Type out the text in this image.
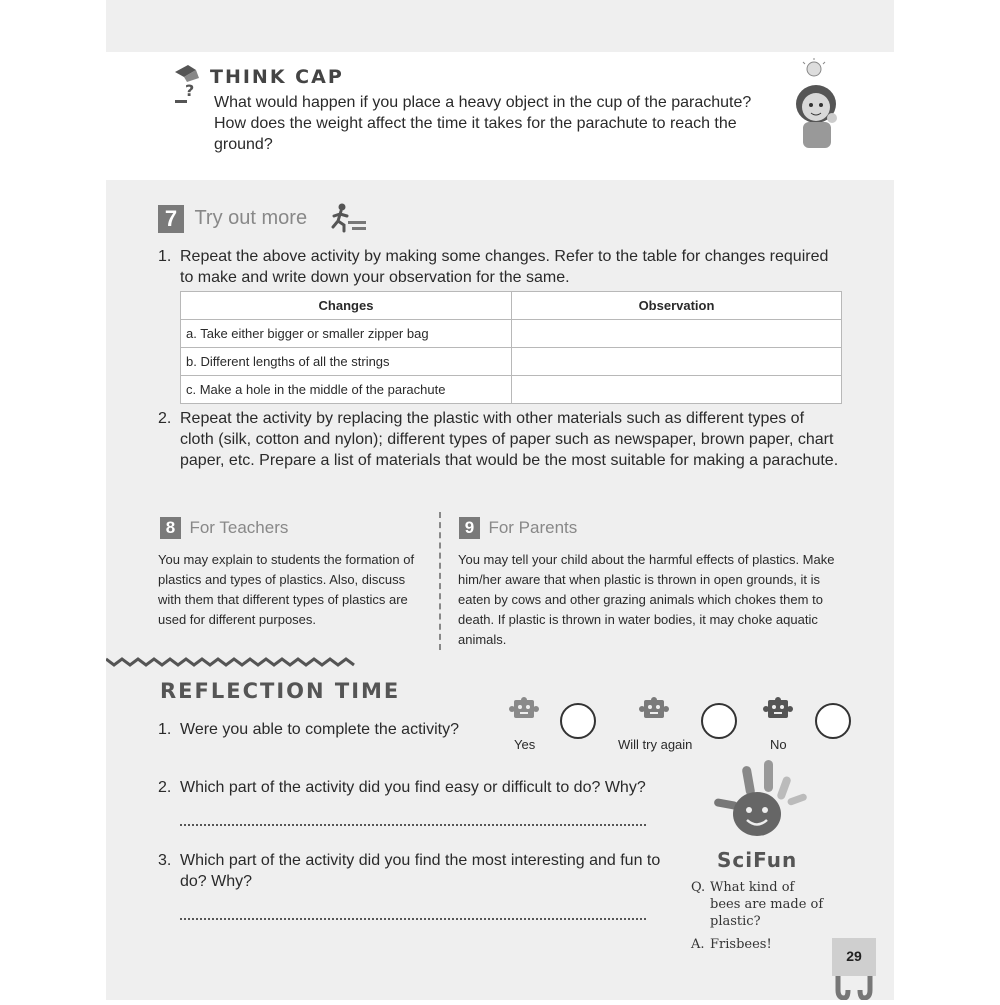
?
THINK CAP
What would happen if you place a heavy object in the cup of the parachute? How does the weight affect the time it takes for the parachute to reach the ground?
7 Try out more
1. Repeat the above activity by making some changes. Refer to the table for changes required to make and write down your observation for the same.
Changes	Observation
a. Take either bigger or smaller zipper bag	
b. Different lengths of all the strings	
c. Make a hole in the middle of the parachute	
2. Repeat the activity by replacing the plastic with other materials such as different types of cloth (silk, cotton and nylon); different types of paper such as newspaper, brown paper, chart paper, etc. Prepare a list of materials that would be the most suitable for making a parachute.
8 For Teachers
You may explain to students the formation of plastics and types of plastics. Also, discuss with them that different types of plastics are used for different purposes.
9 For Parents
You may tell your child about the harmful effects of plastics. Make him/her aware that when plastic is thrown in open grounds, it is eaten by cows and other grazing animals which chokes them to death. If plastic is thrown in water bodies, it may choke aquatic animals.
REFLECTION TIME
1. Were you able to complete the activity?
Yes	Will try again	No
2. Which part of the activity did you find easy or difficult to do? Why?
3. Which part of the activity did you find the most interesting and fun to do? Why?
SciFun
Q. What kind of bees are made of plastic?
A. Frisbees!
29
